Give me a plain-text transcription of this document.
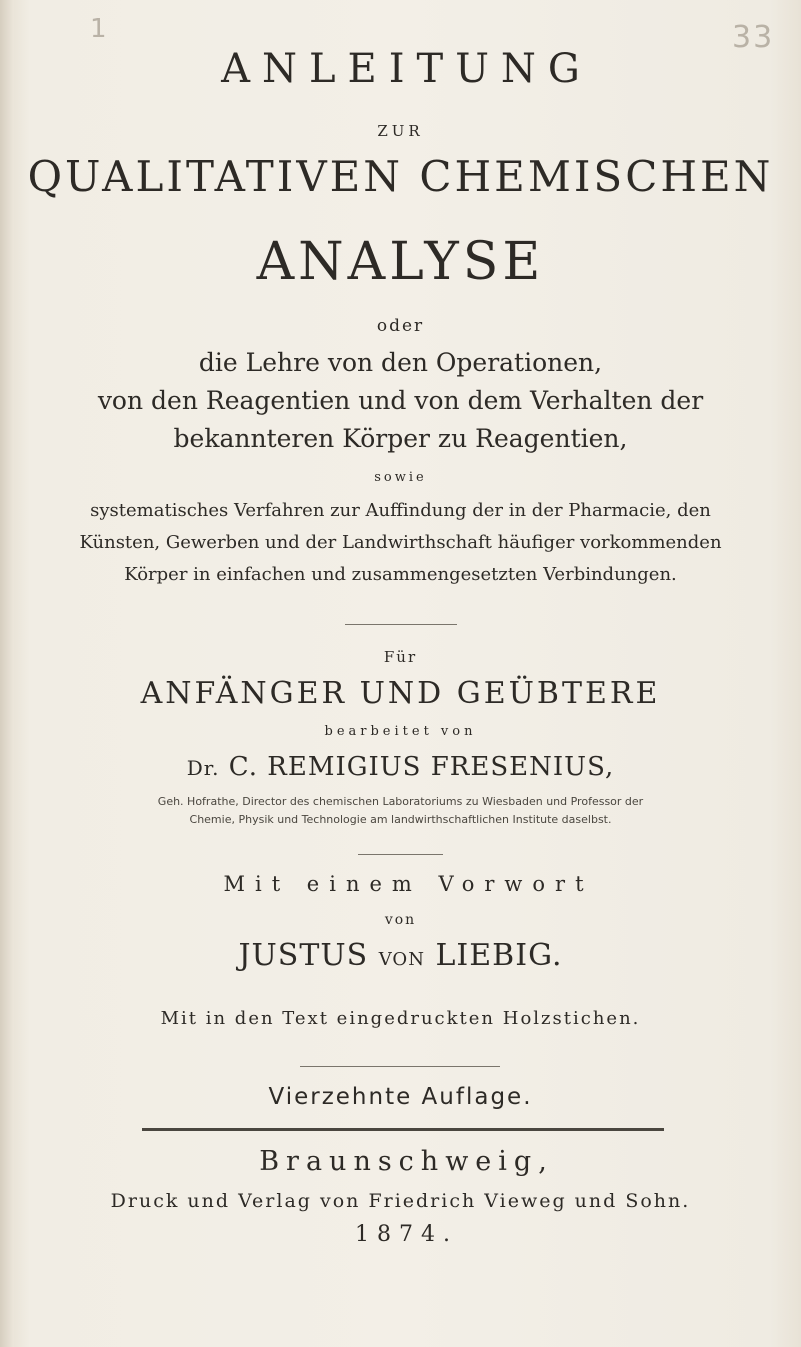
1	33
ANLEITUNG
ZUR
QUALITATIVEN CHEMISCHEN
ANALYSE
oder
die Lehre von den Operationen,
von den Reagentien und von dem Verhalten der
bekannteren Körper zu Reagentien,
sowie
systematisches Verfahren zur Auffindung der in der Pharmacie, den
Künsten, Gewerben und der Landwirthschaft häufiger vorkommenden
Körper in einfachen und zusammengesetzten Verbindungen.
Für
ANFÄNGER UND GEÜBTERE
bearbeitet von
Dr. C. REMIGIUS FRESENIUS,
Geh. Hofrathe, Director des chemischen Laboratoriums zu Wiesbaden und Professor der
Chemie, Physik und Technologie am landwirthschaftlichen Institute daselbst.
Mit einem Vorwort
von
JUSTUS VON LIEBIG.
Mit in den Text eingedruckten Holzstichen.
Vierzehnte Auflage.
Braunschweig,
Druck und Verlag von Friedrich Vieweg und Sohn.
1874.
